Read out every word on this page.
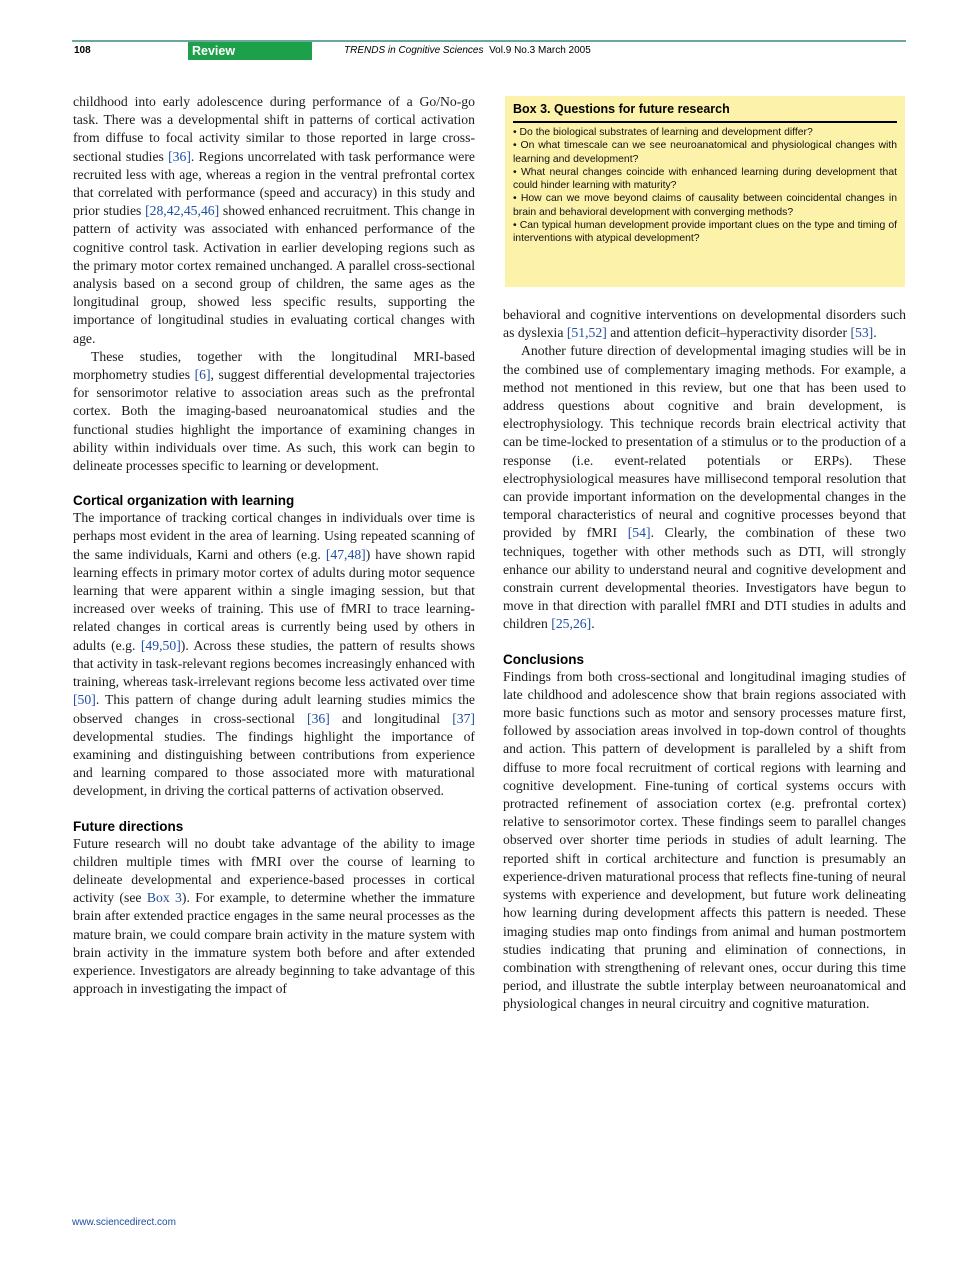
108	Review	TRENDS in Cognitive Sciences Vol.9 No.3 March 2005

childhood into early adolescence during performance of a Go/No-go task. There was a developmental shift in patterns of cortical activation from diffuse to focal activity similar to those reported in large cross-sectional studies [36]. Regions uncorrelated with task performance were recruited less with age, whereas a region in the ventral prefrontal cortex that correlated with performance (speed and accuracy) in this study and prior studies [28,42,45,46] showed enhanced recruitment. This change in pattern of activity was associated with enhanced performance of the cognitive control task. Activation in earlier developing regions such as the primary motor cortex remained unchanged. A parallel cross-sectional analysis based on a second group of children, the same ages as the longitudinal group, showed less specific results, supporting the importance of longitudinal studies in evaluating cortical changes with age.

These studies, together with the longitudinal MRI-based morphometry studies [6], suggest differential developmental trajectories for sensorimotor relative to association areas such as the prefrontal cortex. Both the imaging-based neuroanatomical studies and the functional studies highlight the importance of examining changes in ability within individuals over time. As such, this work can begin to delineate processes specific to learning or development.

Cortical organization with learning

The importance of tracking cortical changes in individuals over time is perhaps most evident in the area of learning. Using repeated scanning of the same individuals, Karni and others (e.g. [47,48]) have shown rapid learning effects in primary motor cortex of adults during motor sequence learning that were apparent within a single imaging session, but that increased over weeks of training. This use of fMRI to trace learning-related changes in cortical areas is currently being used by others in adults (e.g. [49,50]). Across these studies, the pattern of results shows that activity in task-relevant regions becomes increasingly enhanced with training, whereas task-irrelevant regions become less activated over time [50]. This pattern of change during adult learning studies mimics the observed changes in cross-sectional [36] and longitudinal [37] developmental studies. The findings highlight the importance of examining and distinguishing between contributions from experience and learning compared to those associated more with maturational development, in driving the cortical patterns of activation observed.

Future directions

Future research will no doubt take advantage of the ability to image children multiple times with fMRI over the course of learning to delineate developmental and experience-based processes in cortical activity (see Box 3). For example, to determine whether the immature brain after extended practice engages in the same neural processes as the mature brain, we could compare brain activity in the mature system with brain activity in the immature system both before and after extended experience. Investigators are already beginning to take advantage of this approach in investigating the impact of

Box 3. Questions for future research
• Do the biological substrates of learning and development differ?
• On what timescale can we see neuroanatomical and physiological changes with learning and development?
• What neural changes coincide with enhanced learning during development that could hinder learning with maturity?
• How can we move beyond claims of causality between coincidental changes in brain and behavioral development with converging methods?
• Can typical human development provide important clues on the type and timing of interventions with atypical development?

behavioral and cognitive interventions on developmental disorders such as dyslexia [51,52] and attention deficit–hyperactivity disorder [53].

Another future direction of developmental imaging studies will be in the combined use of complementary imaging methods. For example, a method not mentioned in this review, but one that has been used to address questions about cognitive and brain development, is electrophysiology. This technique records brain electrical activity that can be time-locked to presentation of a stimulus or to the production of a response (i.e. event-related potentials or ERPs). These electrophysiological measures have millisecond temporal resolution that can provide important information on the developmental changes in the temporal characteristics of neural and cognitive processes beyond that provided by fMRI [54]. Clearly, the combination of these two techniques, together with other methods such as DTI, will strongly enhance our ability to understand neural and cognitive development and constrain current developmental theories. Investigators have begun to move in that direction with parallel fMRI and DTI studies in adults and children [25,26].

Conclusions

Findings from both cross-sectional and longitudinal imaging studies of late childhood and adolescence show that brain regions associated with more basic functions such as motor and sensory processes mature first, followed by association areas involved in top-down control of thoughts and action. This pattern of development is paralleled by a shift from diffuse to more focal recruitment of cortical regions with learning and cognitive development. Fine-tuning of cortical systems occurs with protracted refinement of association cortex (e.g. prefrontal cortex) relative to sensorimotor cortex. These findings seem to parallel changes observed over shorter time periods in studies of adult learning. The reported shift in cortical architecture and function is presumably an experience-driven maturational process that reflects fine-tuning of neural systems with experience and development, but future work delineating how learning during development affects this pattern is needed. These imaging studies map onto findings from animal and human postmortem studies indicating that pruning and elimination of connections, in combination with strengthening of relevant ones, occur during this time period, and illustrate the subtle interplay between neuroanatomical and physiological changes in neural circuitry and cognitive maturation.

www.sciencedirect.com
